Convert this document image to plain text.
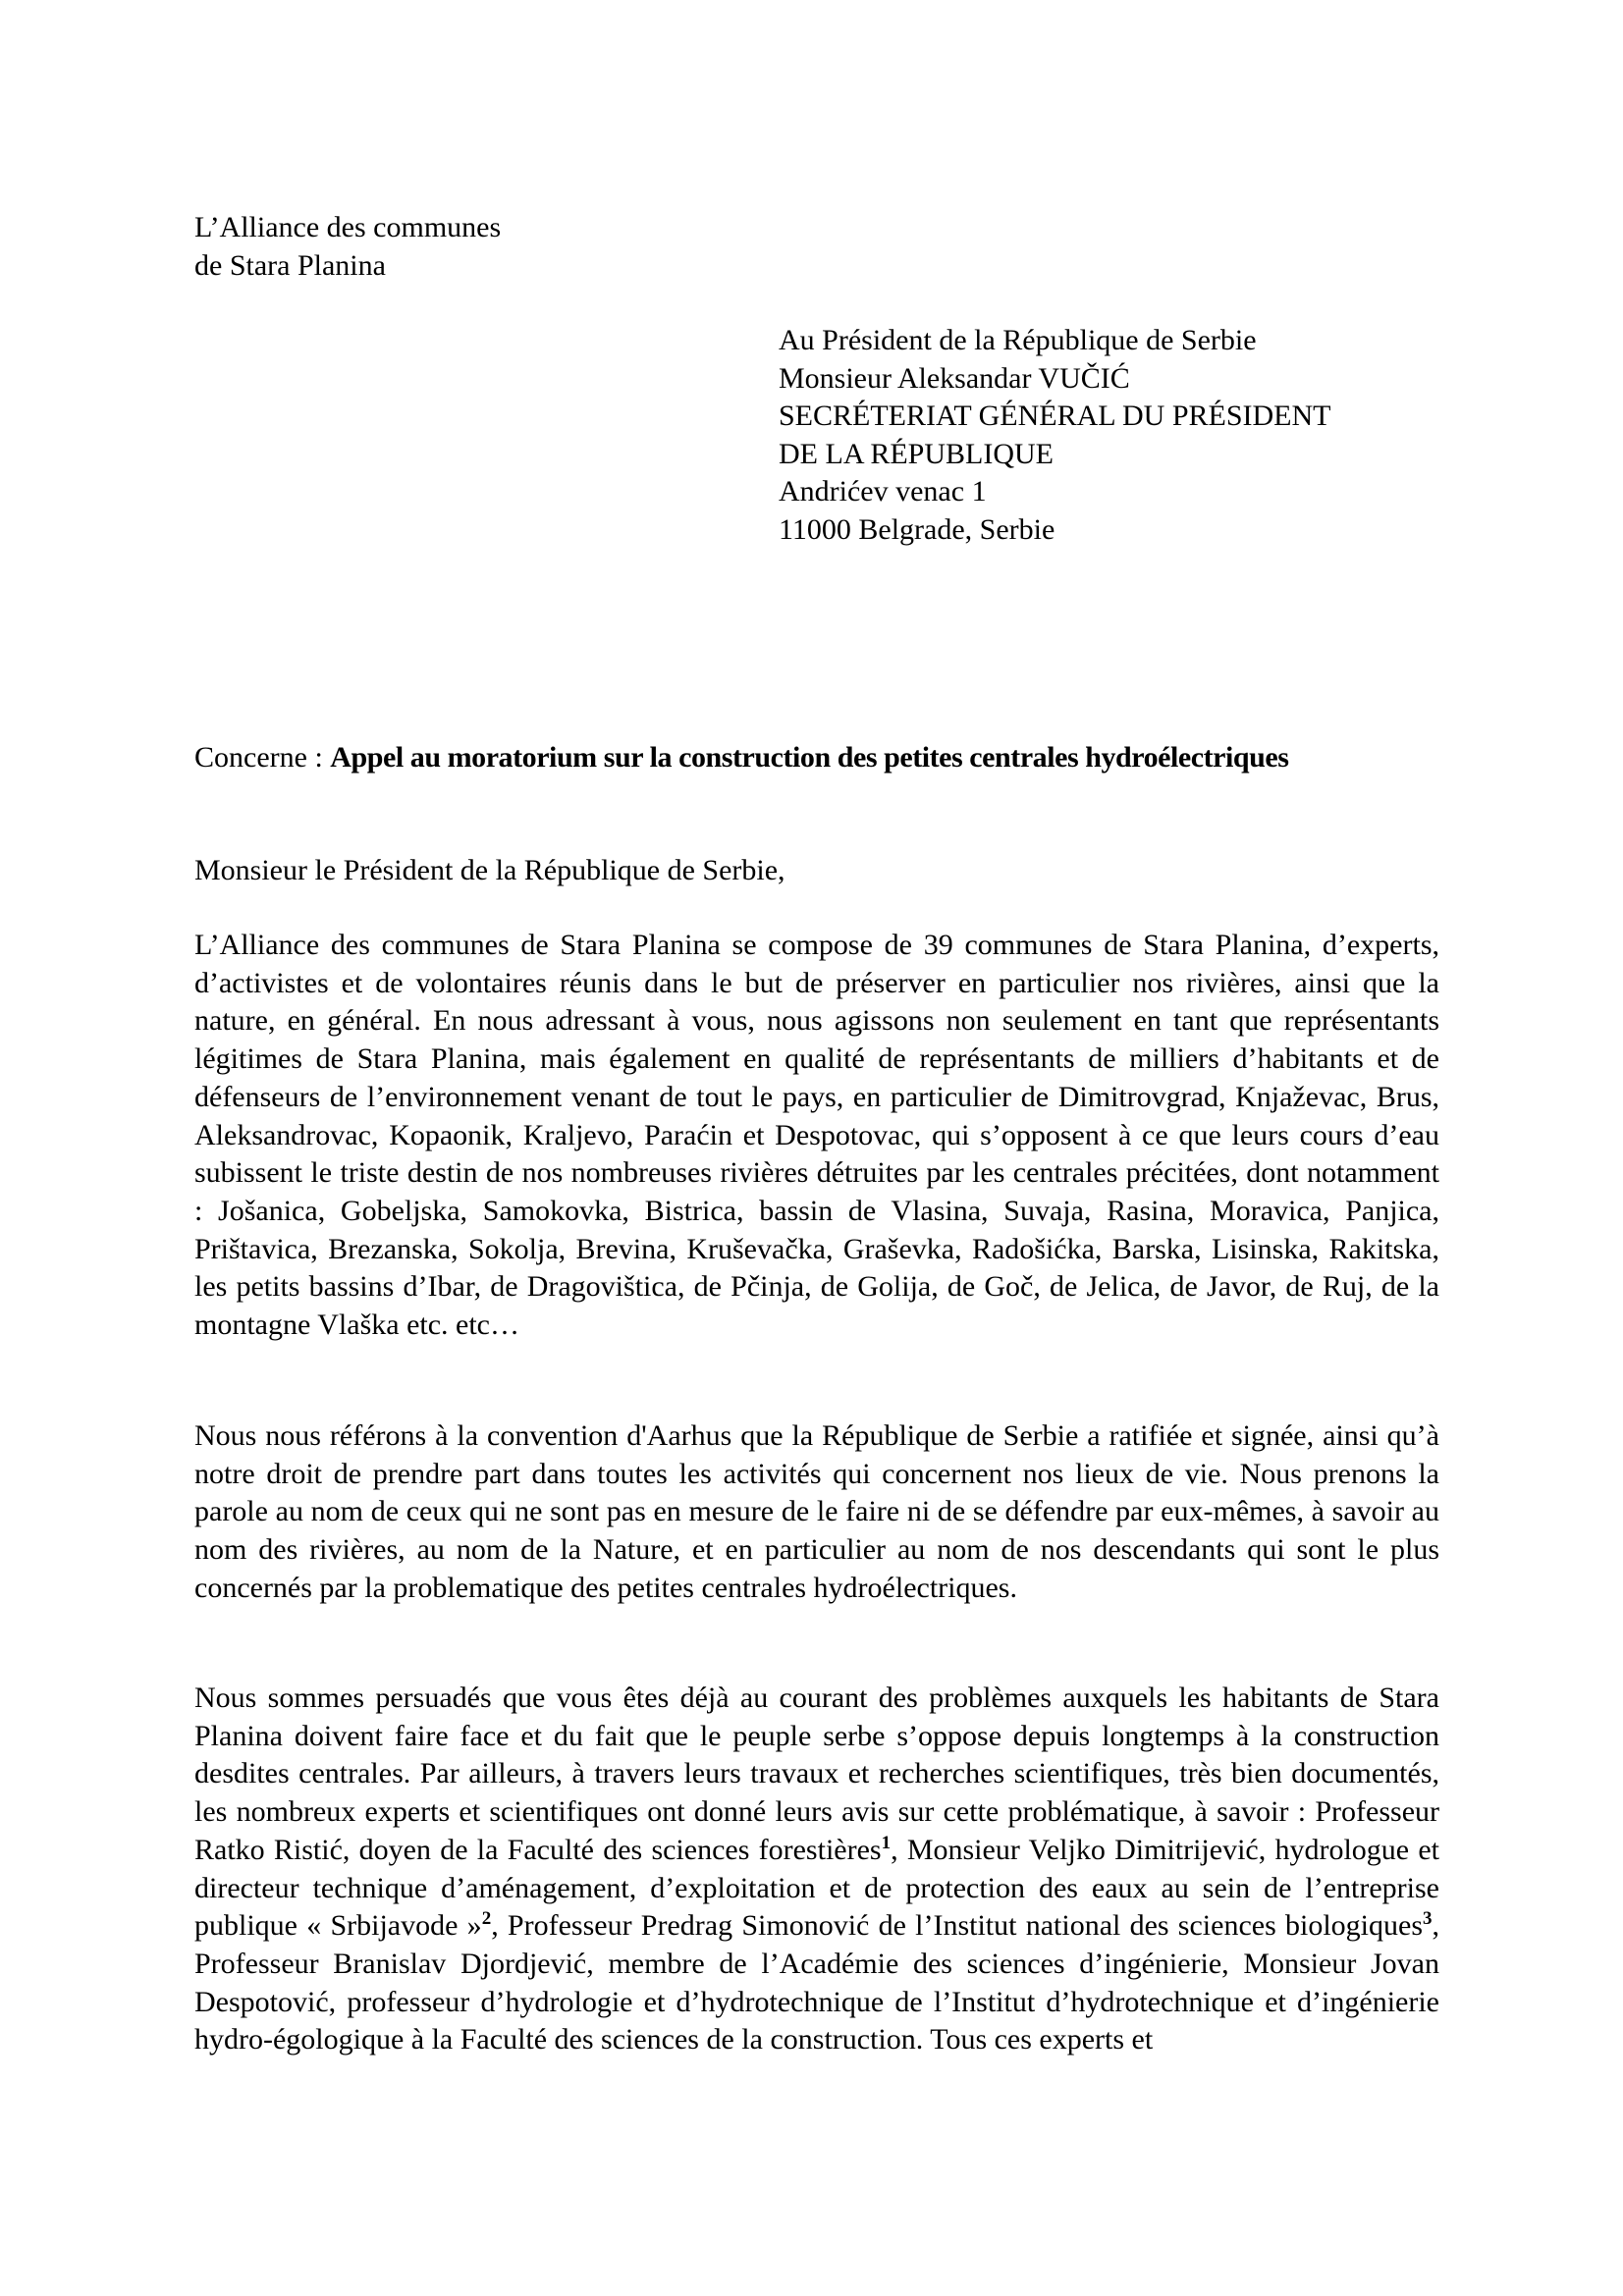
L’Alliance des communes
de Stara Planina
Au Président de la République de Serbie
Monsieur Aleksandar VUČIĆ
SECRÉTERIAT GÉNÉRAL DU PRÉSIDENT
DE LA RÉPUBLIQUE
Andrićev venac 1
11000 Belgrade, Serbie
Concerne : Appel au moratorium sur la construction des petites centrales hydroélectriques
Monsieur le Président de la République de Serbie,

L’Alliance des communes de Stara Planina se compose de 39 communes de Stara Planina, d’experts, d’activistes et de volontaires réunis dans le but de préserver en particulier nos rivières, ainsi que la nature, en général. En nous adressant à vous, nous agissons non seulement en tant que représentants légitimes de Stara Planina, mais également en qualité de représentants de milliers d’habitants et de défenseurs de l’environnement venant de tout le pays, en particulier de Dimitrovgrad, Knjaževac, Brus, Aleksandrovac, Kopaonik, Kraljevo, Paraćin et Despotovac, qui s’opposent à ce que leurs cours d’eau subissent le triste destin de nos nombreuses rivières détruites par les centrales précitées, dont notamment : Jošanica, Gobeljska, Samokovka, Bistrica, bassin de Vlasina, Suvaja, Rasina, Moravica, Panjica, Prištavica, Brezanska, Sokolja, Brevina, Kruševačka, Graševka, Radošićka, Barska, Lisinska, Rakitska, les petits bassins d’Ibar, de Dragovištica, de Pčinja, de Golija, de Goč, de Jelica, de Javor, de Ruj, de la montagne Vlaška etc. etc…

Nous nous référons à la convention d'Aarhus que la République de Serbie a ratifiée et signée, ainsi qu’à notre droit de prendre part dans toutes les activités qui concernent nos lieux de vie. Nous prenons la parole au nom de ceux qui ne sont pas en mesure de le faire ni de se défendre par eux-mêmes, à savoir au nom des rivières, au nom de la Nature, et en particulier au nom de nos descendants qui sont le plus concernés par la problematique des petites centrales hydroélectriques.

Nous sommes persuadés que vous êtes déjà au courant des problèmes auxquels les habitants de Stara Planina doivent faire face et du fait que le peuple serbe s’oppose depuis longtemps à la construction desdites centrales. Par ailleurs, à travers leurs travaux et recherches scientifiques, très bien documentés, les nombreux experts et scientifiques ont donné leurs avis sur cette problématique, à savoir : Professeur Ratko Ristić, doyen de la Faculté des sciences forestières$^1$, Monsieur Veljko Dimitrijević, hydrologue et directeur technique d’aménagement, d’exploitation et de protection des eaux au sein de l’entreprise publique « Srbijavode »$^2$, Professeur Predrag Simonović de l’Institut national des sciences biologiques$^3$, Professeur Branislav Djordjević, membre de l’Académie des sciences d’ingénierie, Monsieur Jovan Despotović, professeur d’hydrologie et d’hydrotechnique de l’Institut d’hydrotechnique et d’ingénierie hydro-égologique à la Faculté des sciences de la construction. Tous ces experts et
